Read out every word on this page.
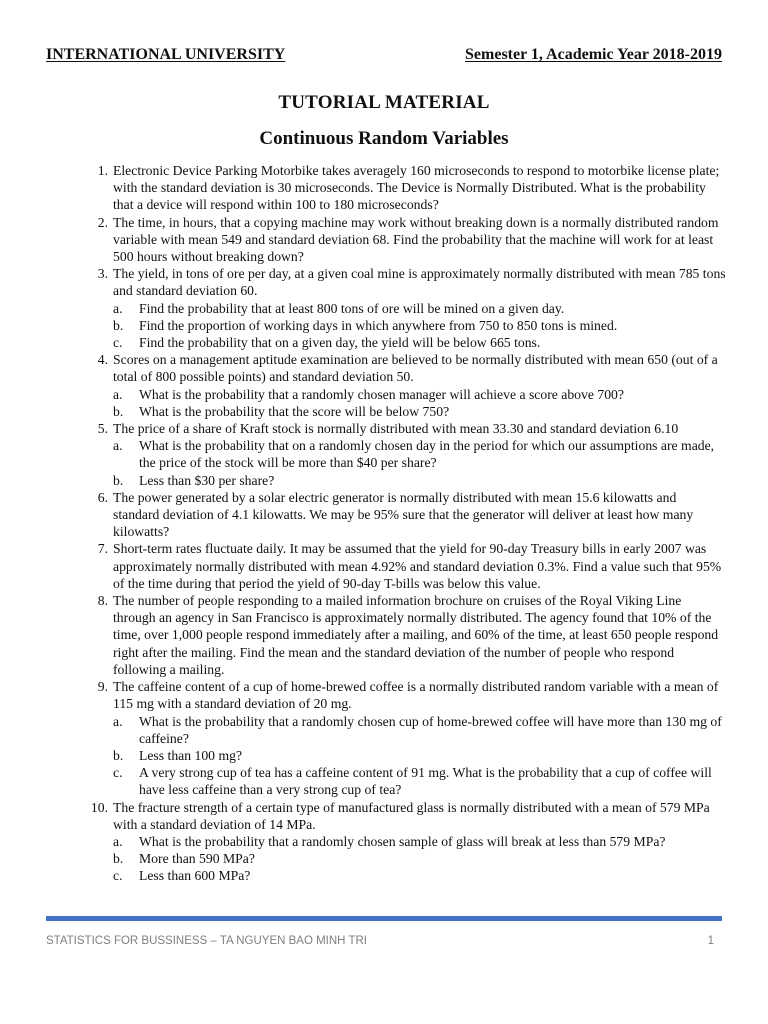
INTERNATIONAL UNIVERSITY	Semester 1, Academic Year 2018-2019
TUTORIAL MATERIAL
Continuous Random Variables
1. Electronic Device Parking Motorbike takes averagely 160 microseconds to respond to motorbike license plate; with the standard deviation is 30 microseconds. The Device is Normally Distributed. What is the probability that a device will respond within 100 to 180 microseconds?
2. The time, in hours, that a copying machine may work without breaking down is a normally distributed random variable with mean 549 and standard deviation 68. Find the probability that the machine will work for at least 500 hours without breaking down?
3. The yield, in tons of ore per day, at a given coal mine is approximately normally distributed with mean 785 tons and standard deviation 60.
a.	Find the probability that at least 800 tons of ore will be mined on a given day.
b.	Find the proportion of working days in which anywhere from 750 to 850 tons is mined.
c.	Find the probability that on a given day, the yield will be below 665 tons.
4. Scores on a management aptitude examination are believed to be normally distributed with mean 650 (out of a total of 800 possible points) and standard deviation 50.
a.	What is the probability that a randomly chosen manager will achieve a score above 700?
b.	What is the probability that the score will be below 750?
5. The price of a share of Kraft stock is normally distributed with mean 33.30 and standard deviation 6.10
a.	What is the probability that on a randomly chosen day in the period for which our assumptions are made, the price of the stock will be more than $40 per share?
b.	Less than $30 per share?
6. The power generated by a solar electric generator is normally distributed with mean 15.6 kilowatts and standard deviation of 4.1 kilowatts. We may be 95% sure that the generator will deliver at least how many kilowatts?
7. Short-term rates fluctuate daily. It may be assumed that the yield for 90-day Treasury bills in early 2007 was approximately normally distributed with mean 4.92% and standard deviation 0.3%. Find a value such that 95% of the time during that period the yield of 90-day T-bills was below this value.
8. The number of people responding to a mailed information brochure on cruises of the Royal Viking Line through an agency in San Francisco is approximately normally distributed. The agency found that 10% of the time, over 1,000 people respond immediately after a mailing, and 60% of the time, at least 650 people respond right after the mailing. Find the mean and the standard deviation of the number of people who respond following a mailing.
9. The caffeine content of a cup of home-brewed coffee is a normally distributed random variable with a mean of 115 mg with a standard deviation of 20 mg.
a.	What is the probability that a randomly chosen cup of home-brewed coffee will have more than 130 mg of caffeine?
b.	Less than 100 mg?
c.	A very strong cup of tea has a caffeine content of 91 mg. What is the probability that a cup of coffee will have less caffeine than a very strong cup of tea?
10. The fracture strength of a certain type of manufactured glass is normally distributed with a mean of 579 MPa with a standard deviation of 14 MPa.
a.	What is the probability that a randomly chosen sample of glass will break at less than 579 MPa?
b.	More than 590 MPa?
c.	Less than 600 MPa?
STATISTICS FOR BUSSINESS – TA NGUYEN BAO MINH TRI	1
